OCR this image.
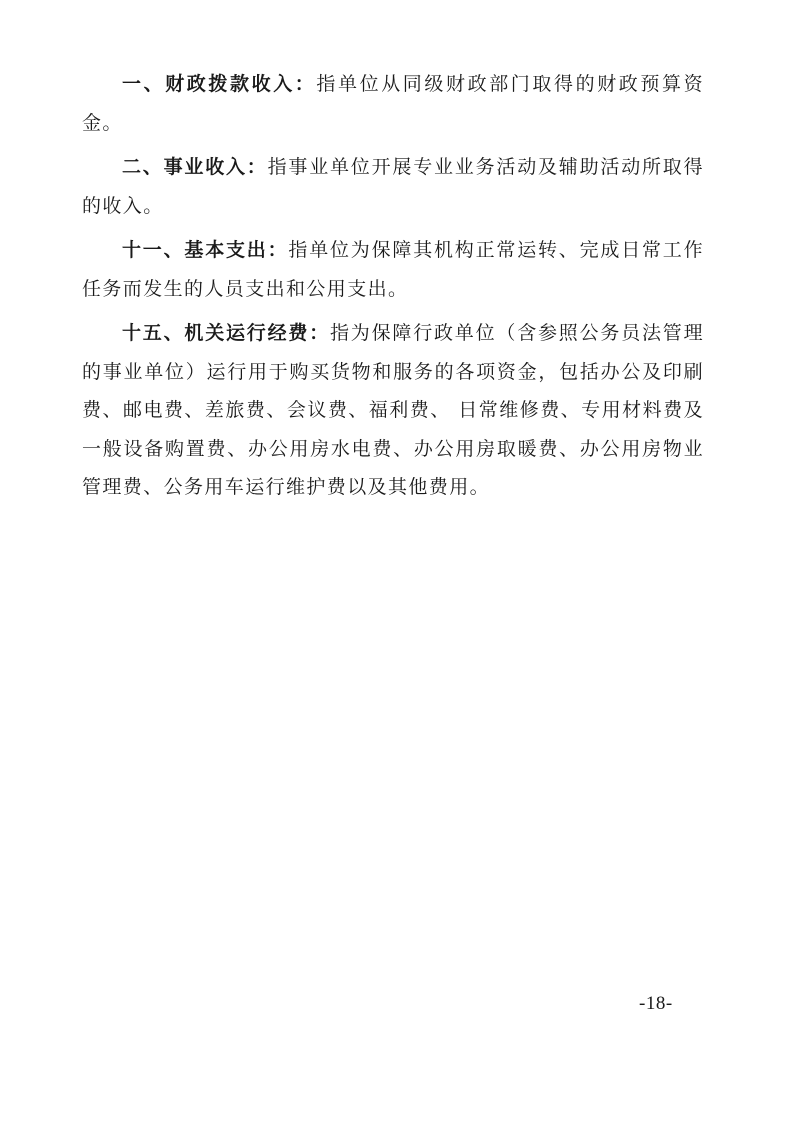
一、财政拨款收入：指单位从同级财政部门取得的财政预算资金。

二、事业收入：指事业单位开展专业业务活动及辅助活动所取得的收入。

十一、基本支出：指单位为保障其机构正常运转、完成日常工作任务而发生的人员支出和公用支出。

十五、机关运行经费：指为保障行政单位（含参照公务员法管理的事业单位）运行用于购买货物和服务的各项资金，包括办公及印刷费、邮电费、差旅费、会议费、福利费、 日常维修费、专用材料费及一般设备购置费、办公用房水电费、办公用房取暖费、办公用房物业管理费、公务用车运行维护费以及其他费用。

-18-
